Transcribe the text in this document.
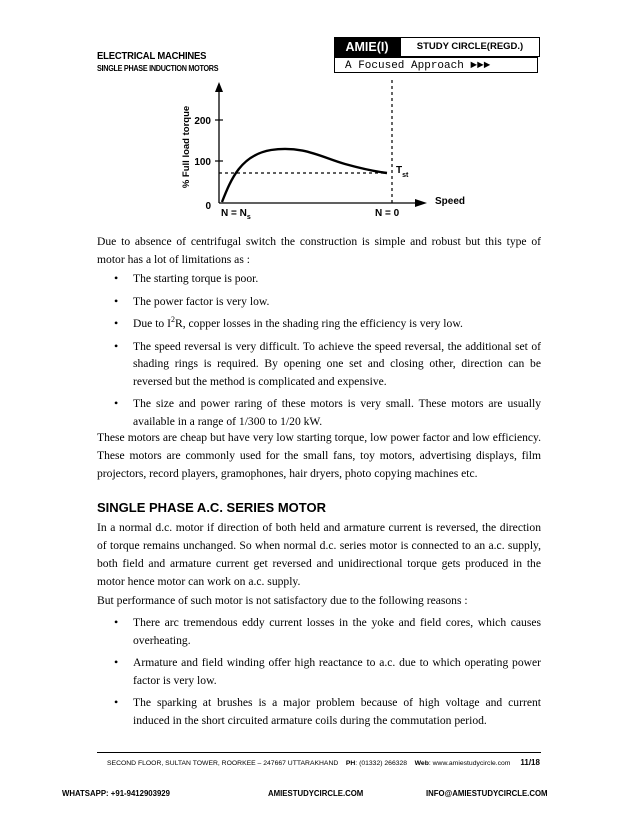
ELECTRICAL MACHINES
SINGLE PHASE INDUCTION MOTORS
AMIE(I)	STUDY CIRCLE(REGD.)
A Focused Approach ►►►
200
100
0
% Full load torque	$T_{st}$
Speed
$N = N_s$	N = 0
Due to absence of centrifugal switch the construction is simple and robust but this type of motor has a lot of limitations as :
• The starting torque is poor.
• The power factor is very low.
• Due to $I^2R$, copper losses in the shading ring the efficiency is very low.
• The speed reversal is very difficult. To achieve the speed reversal, the additional set of shading rings is required. By opening one set and closing other, direction can be reversed but the method is complicated and expensive.
• The size and power raring of these motors is very small. These motors are usually available in a range of 1/300 to 1/20 kW.
These motors are cheap but have very low starting torque, low power factor and low efficiency. These motors are commonly used for the small fans, toy motors, advertising displays, film projectors, record players, gramophones, hair dryers, photo copying machines etc.
SINGLE PHASE A.C. SERIES MOTOR
In a normal d.c. motor if direction of both held and armature current is reversed, the direction of torque remains unchanged. So when normal d.c. series motor is connected to an a.c. supply, both field and armature current get reversed and unidirectional torque gets produced in the motor hence motor can work on a.c. supply.
But performance of such motor is not satisfactory due to the following reasons :
• There arc tremendous eddy current losses in the yoke and field cores, which causes overheating.
• Armature and field winding offer high reactance to a.c. due to which operating power factor is very low.
• The sparking at brushes is a major problem because of high voltage and current induced in the short circuited armature coils during the commutation period.
SECOND FLOOR, SULTAN TOWER, ROORKEE – 247667 UTTARAKHAND PH: (01332) 266328 Web: www.amiestudycircle.com 11/18
WHATSAPP: +91-9412903929	AMIESTUDYCIRCLE.COM	INFO@AMIESTUDYCIRCLE.COM
